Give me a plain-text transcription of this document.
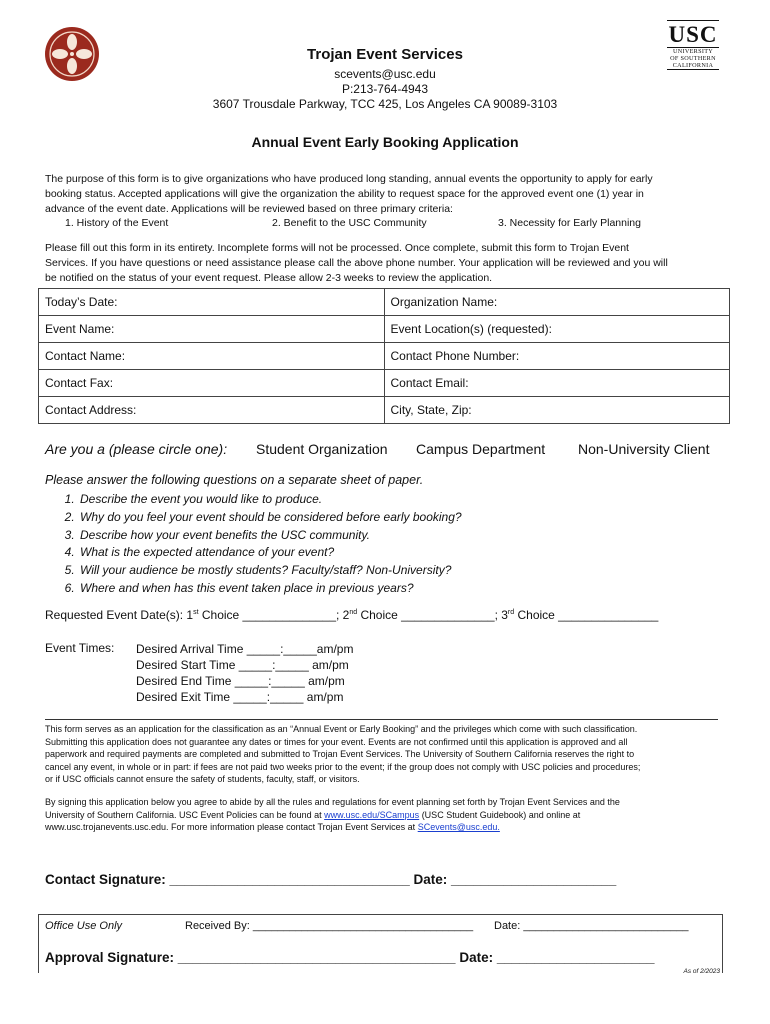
USC
UNIVERSITY
OF SOUTHERN
CALIFORNIA
Trojan Event Services
scevents@usc.edu
P:213-764-4943
3607 Trousdale Parkway, TCC 425, Los Angeles CA 90089-3103
Annual Event Early Booking Application
The purpose of this form is to give organizations who have produced long standing, annual events the opportunity to apply for early
booking status. Accepted applications will give the organization the ability to request space for the approved event one (1) year in
advance of the event date. Applications will be reviewed based on three primary criteria:
1. History of the Event	2. Benefit to the USC Community	3. Necessity for Early Planning
Please fill out this form in its entirety. Incomplete forms will not be processed. Once complete, submit this form to Trojan Event
Services. If you have questions or need assistance please call the above phone number. Your application will be reviewed and you will
be notified on the status of your event request. Please allow 2-3 weeks to review the application.
Today’s Date:	Organization Name:
Event Name:	Event Location(s) (requested):
Contact Name:	Contact Phone Number:
Contact Fax:	Contact Email:
Contact Address:	City, State, Zip:
Are you a (please circle one): Student Organization Campus Department Non-University Client
Please answer the following questions on a separate sheet of paper.
1. Describe the event you would like to produce.
2. Why do you feel your event should be considered before early booking?
3. Describe how your event benefits the USC community.
4. What is the expected attendance of your event?
5. Will your audience be mostly students? Faculty/staff? Non-University?
6. Where and when has this event taken place in previous years?
Requested Event Date(s): 1st Choice ______________; 2nd Choice ______________; 3rd Choice _______________
Event Times: Desired Arrival Time _____:_____am/pm
Desired Start Time _____:_____ am/pm
Desired End Time _____:_____ am/pm
Desired Exit Time _____:_____ am/pm
This form serves as an application for the classification as an “Annual Event or Early Booking” and the privileges which come with such classification.
Submitting this application does not guarantee any dates or times for your event. Events are not confirmed until this application is approved and all
paperwork and required payments are completed and submitted to Trojan Event Services. The University of Southern California reserves the right to
cancel any event, in whole or in part: if fees are not paid two weeks prior to the event; if the group does not comply with USC policies and procedures;
or if USC officials cannot ensure the safety of students, faculty, staff, or visitors.
By signing this application below you agree to abide by all the rules and regulations for event planning set forth by Trojan Event Services and the
University of Southern California. USC Event Policies can be found at www.usc.edu/SCampus (USC Student Guidebook) and online at
www.usc.trojanevents.usc.edu. For more information please contact Trojan Event Services at SCevents@usc.edu.
Contact Signature: ________________________________ Date: ______________________
Office Use Only	Received By: ____________________________________ Date: ___________________________
Approval Signature: _____________________________________ Date: _____________________
As of 2/2023
